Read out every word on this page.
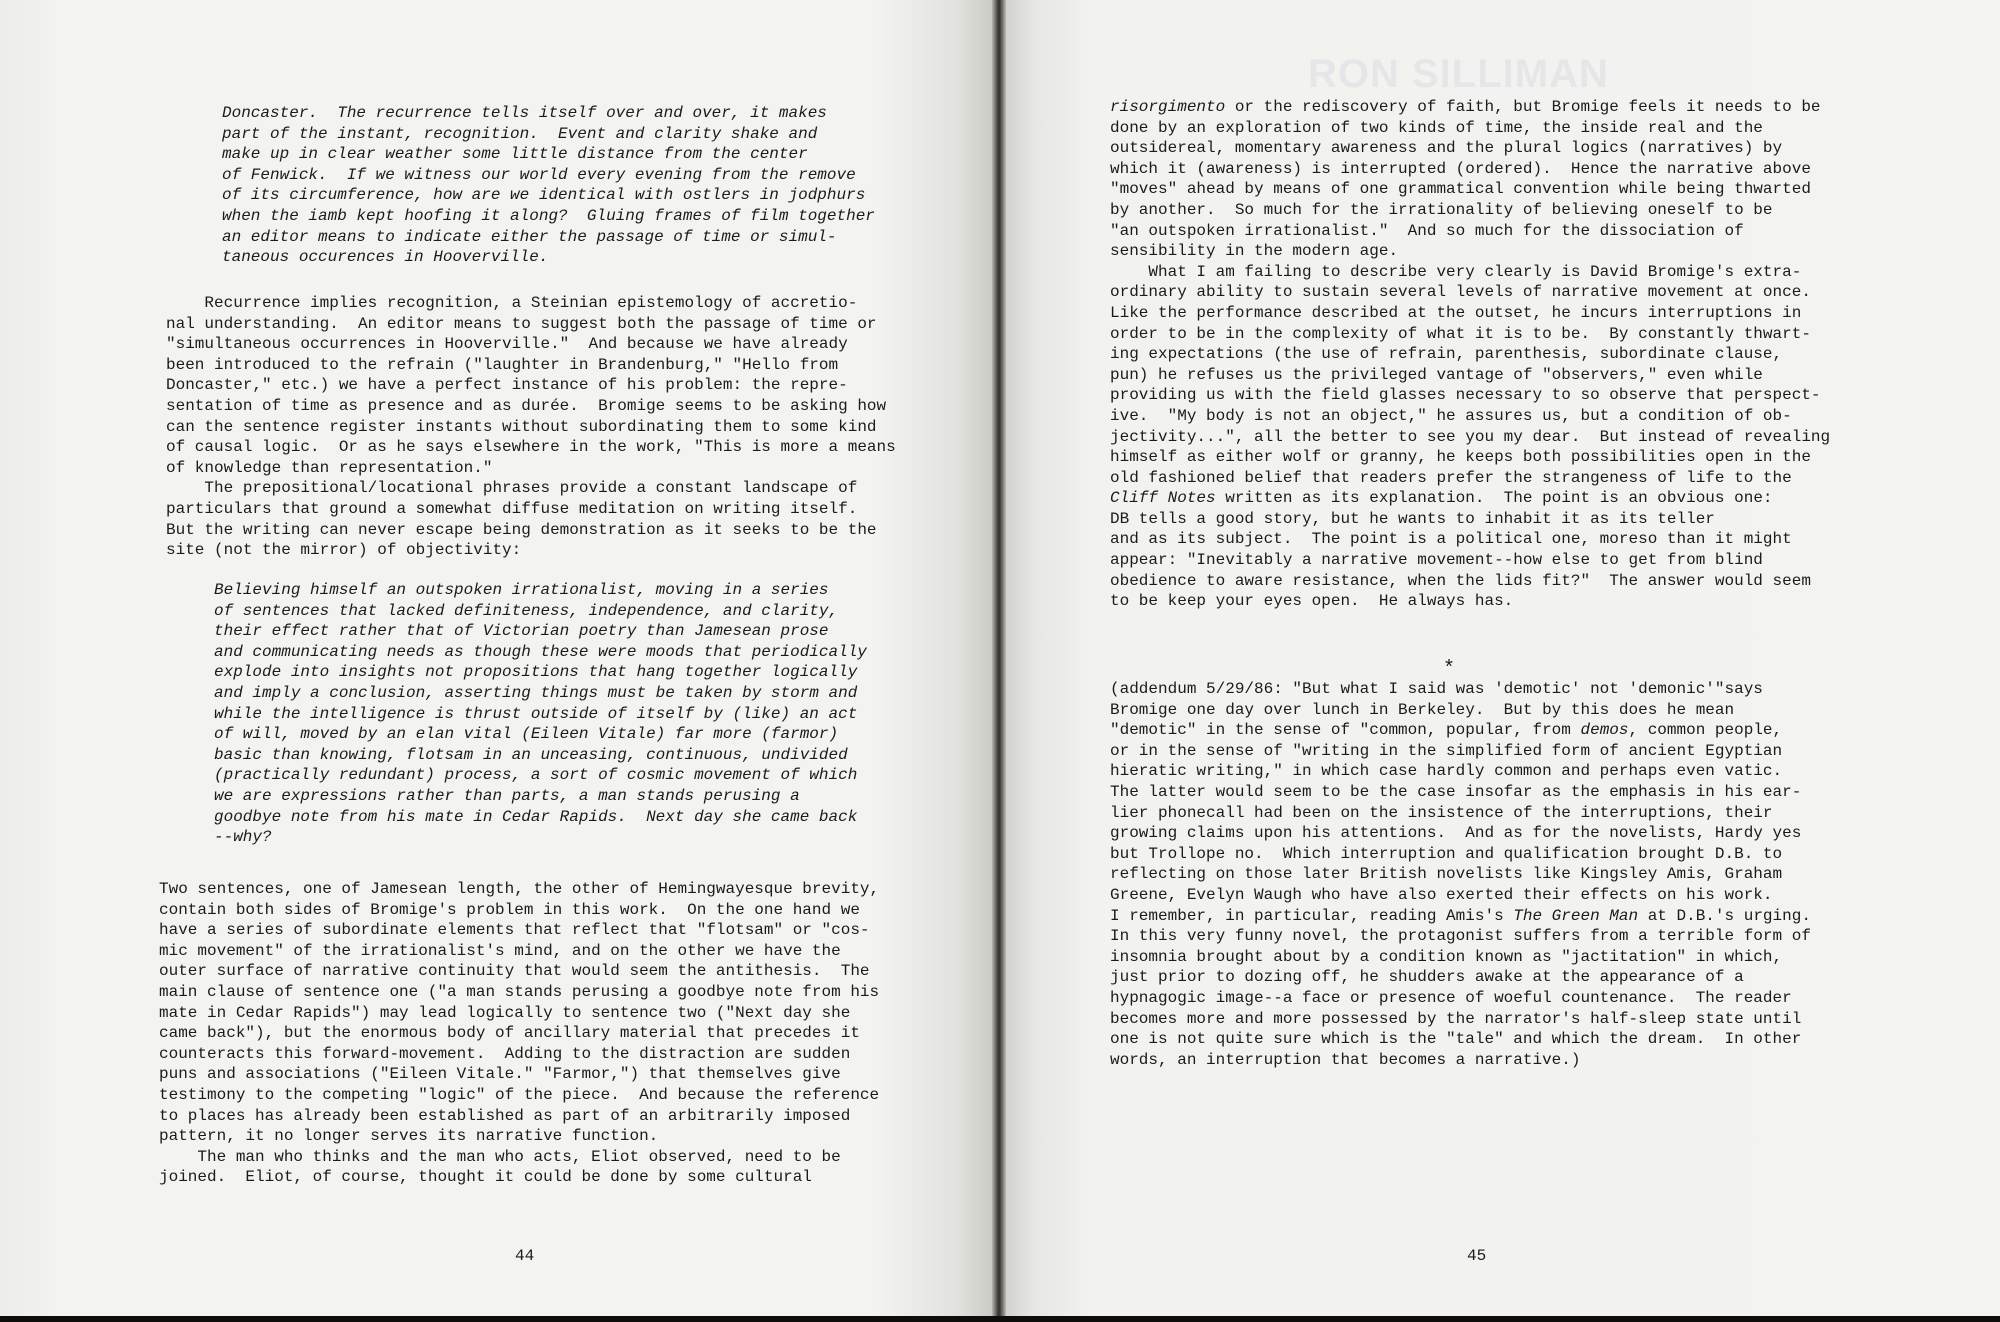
Doncaster.  The recurrence tells itself over and over, it makes
part of the instant, recognition.  Event and clarity shake and
make up in clear weather some little distance from the center
of Fenwick.  If we witness our world every evening from the remove
of its circumference, how are we identical with ostlers in jodphurs
when the iamb kept hoofing it along?  Gluing frames of film together
an editor means to indicate either the passage of time or simul-
taneous occurences in Hooverville.
Recurrence implies recognition, a Steinian epistemology of accretio-
nal understanding.  An editor means to suggest both the passage of time or
"simultaneous occurrences in Hooverville."  And because we have already
been introduced to the refrain ("laughter in Brandenburg," "Hello from
Doncaster," etc.) we have a perfect instance of his problem: the repre-
sentation of time as presence and as durée.  Bromige seems to be asking how
can the sentence register instants without subordinating them to some kind
of causal logic.  Or as he says elsewhere in the work, "This is more a means
of knowledge than representation."
The prepositional/locational phrases provide a constant landscape of
particulars that ground a somewhat diffuse meditation on writing itself.
But the writing can never escape being demonstration as it seeks to be the
site (not the mirror) of objectivity:
Believing himself an outspoken irrationalist, moving in a series
of sentences that lacked definiteness, independence, and clarity,
their effect rather that of Victorian poetry than Jamesean prose
and communicating needs as though these were moods that periodically
explode into insights not propositions that hang together logically
and imply a conclusion, asserting things must be taken by storm and
while the intelligence is thrust outside of itself by (like) an act
of will, moved by an elan vital (Eileen Vitale) far more (farmor)
basic than knowing, flotsam in an unceasing, continuous, undivided
(practically redundant) process, a sort of cosmic movement of which
we are expressions rather than parts, a man stands perusing a
goodbye note from his mate in Cedar Rapids.  Next day she came back
--why?
Two sentences, one of Jamesean length, the other of Hemingwayesque brevity,
contain both sides of Bromige's problem in this work.  On the one hand we
have a series of subordinate elements that reflect that "flotsam" or "cos-
mic movement" of the irrationalist's mind, and on the other we have the
outer surface of narrative continuity that would seem the antithesis.  The
main clause of sentence one ("a man stands perusing a goodbye note from his
mate in Cedar Rapids") may lead logically to sentence two ("Next day she
came back"), but the enormous body of ancillary material that precedes it
counteracts this forward-movement.  Adding to the distraction are sudden
puns and associations ("Eileen Vitale." "Farmor,") that themselves give
testimony to the competing "logic" of the piece.  And because the reference
to places has already been established as part of an arbitrarily imposed
pattern, it no longer serves its narrative function.
The man who thinks and the man who acts, Eliot observed, need to be
joined.  Eliot, of course, thought it could be done by some cultural
44
RON SILLIMAN
risorgimento or the rediscovery of faith, but Bromige feels it needs to be
done by an exploration of two kinds of time, the inside real and the
outsidereal, momentary awareness and the plural logics (narratives) by
which it (awareness) is interrupted (ordered).  Hence the narrative above
"moves" ahead by means of one grammatical convention while being thwarted
by another.  So much for the irrationality of believing oneself to be
"an outspoken irrationalist."  And so much for the dissociation of
sensibility in the modern age.
What I am failing to describe very clearly is David Bromige's extra-
ordinary ability to sustain several levels of narrative movement at once.
Like the performance described at the outset, he incurs interruptions in
order to be in the complexity of what it is to be.  By constantly thwart-
ing expectations (the use of refrain, parenthesis, subordinate clause,
pun) he refuses us the privileged vantage of "observers," even while
providing us with the field glasses necessary to so observe that perspect-
ive.  "My body is not an object," he assures us, but a condition of ob-
jectivity...", all the better to see you my dear.  But instead of revealing
himself as either wolf or granny, he keeps both possibilities open in the
old fashioned belief that readers prefer the strangeness of life to the
Cliff Notes written as its explanation.  The point is an obvious one:
DB tells a good story, but he wants to inhabit it as its teller
and as its subject.  The point is a political one, moreso than it might
appear: "Inevitably a narrative movement--how else to get from blind
obedience to aware resistance, when the lids fit?"  The answer would seem
to be keep your eyes open.  He always has.
*
(addendum 5/29/86: "But what I said was 'demotic' not 'demonic'"says
Bromige one day over lunch in Berkeley.  But by this does he mean
"demotic" in the sense of "common, popular, from demos, common people,
or in the sense of "writing in the simplified form of ancient Egyptian
hieratic writing," in which case hardly common and perhaps even vatic.
The latter would seem to be the case insofar as the emphasis in his ear-
lier phonecall had been on the insistence of the interruptions, their
growing claims upon his attentions.  And as for the novelists, Hardy yes
but Trollope no.  Which interruption and qualification brought D.B. to
reflecting on those later British novelists like Kingsley Amis, Graham
Greene, Evelyn Waugh who have also exerted their effects on his work.
I remember, in particular, reading Amis's The Green Man at D.B.'s urging.
In this very funny novel, the protagonist suffers from a terrible form of
insomnia brought about by a condition known as "jactitation" in which,
just prior to dozing off, he shudders awake at the appearance of a
hypnagogic image--a face or presence of woeful countenance.  The reader
becomes more and more possessed by the narrator's half-sleep state until
one is not quite sure which is the "tale" and which the dream.  In other
words, an interruption that becomes a narrative.)
45
